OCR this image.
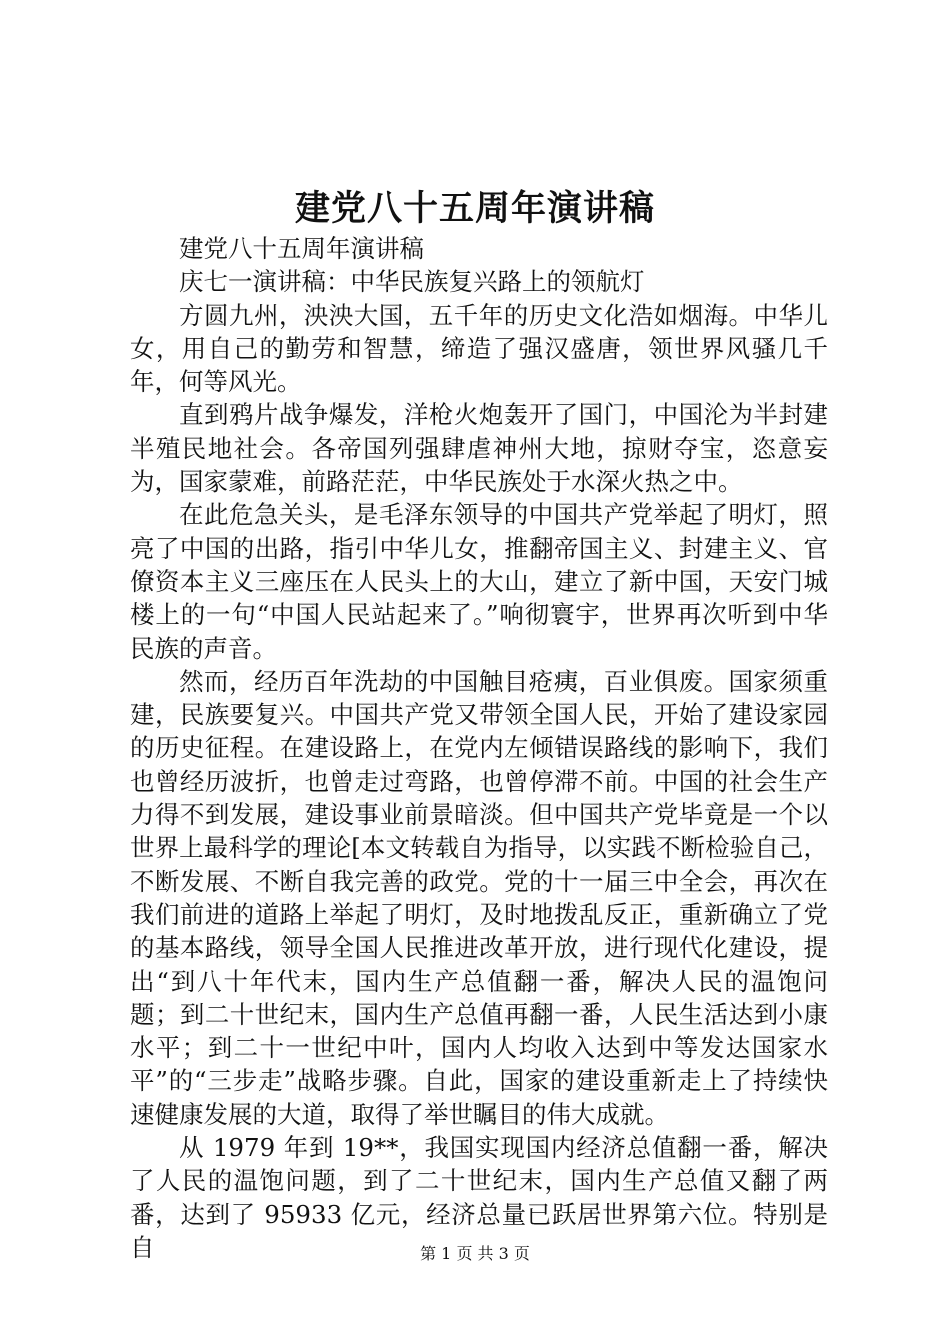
建党八十五周年演讲稿

建党八十五周年演讲稿

庆七一演讲稿：中华民族复兴路上的领航灯

方圆九州，泱泱大国，五千年的历史文化浩如烟海。中华儿女，用自己的勤劳和智慧，缔造了强汉盛唐，领世界风骚几千年，何等风光。

直到鸦片战争爆发，洋枪火炮轰开了国门，中国沦为半封建半殖民地社会。各帝国列强肆虐神州大地，掠财夺宝，恣意妄为，国家蒙难，前路茫茫，中华民族处于水深火热之中。

在此危急关头，是毛泽东领导的中国共产党举起了明灯，照亮了中国的出路，指引中华儿女，推翻帝国主义、封建主义、官僚资本主义三座压在人民头上的大山，建立了新中国，天安门城楼上的一句“中国人民站起来了。”响彻寰宇，世界再次听到中华民族的声音。

然而，经历百年洗劫的中国触目疮痍，百业俱废。国家须重建，民族要复兴。中国共产党又带领全国人民，开始了建设家园的历史征程。在建设路上，在党内左倾错误路线的影响下，我们也曾经历波折，也曾走过弯路，也曾停滞不前。中国的社会生产力得不到发展，建设事业前景暗淡。但中国共产党毕竟是一个以世界上最科学的理论[本文转载自为指导，以实践不断检验自己，不断发展、不断自我完善的政党。党的十一届三中全会，再次在我们前进的道路上举起了明灯，及时地拨乱反正，重新确立了党的基本路线，领导全国人民推进改革开放，进行现代化建设，提出“到八十年代末，国内生产总值翻一番，解决人民的温饱问题；到二十世纪末，国内生产总值再翻一番，人民生活达到小康水平；到二十一世纪中叶，国内人均收入达到中等发达国家水平”的“三步走”战略步骤。自此，国家的建设重新走上了持续快速健康发展的大道，取得了举世瞩目的伟大成就。

从 1979 年到 19**，我国实现国内经济总值翻一番，解决了人民的温饱问题，到了二十世纪末，国内生产总值又翻了两番，达到了 95933 亿元，经济总量已跃居世界第六位。特别是自	第 1 页 共 3 页
